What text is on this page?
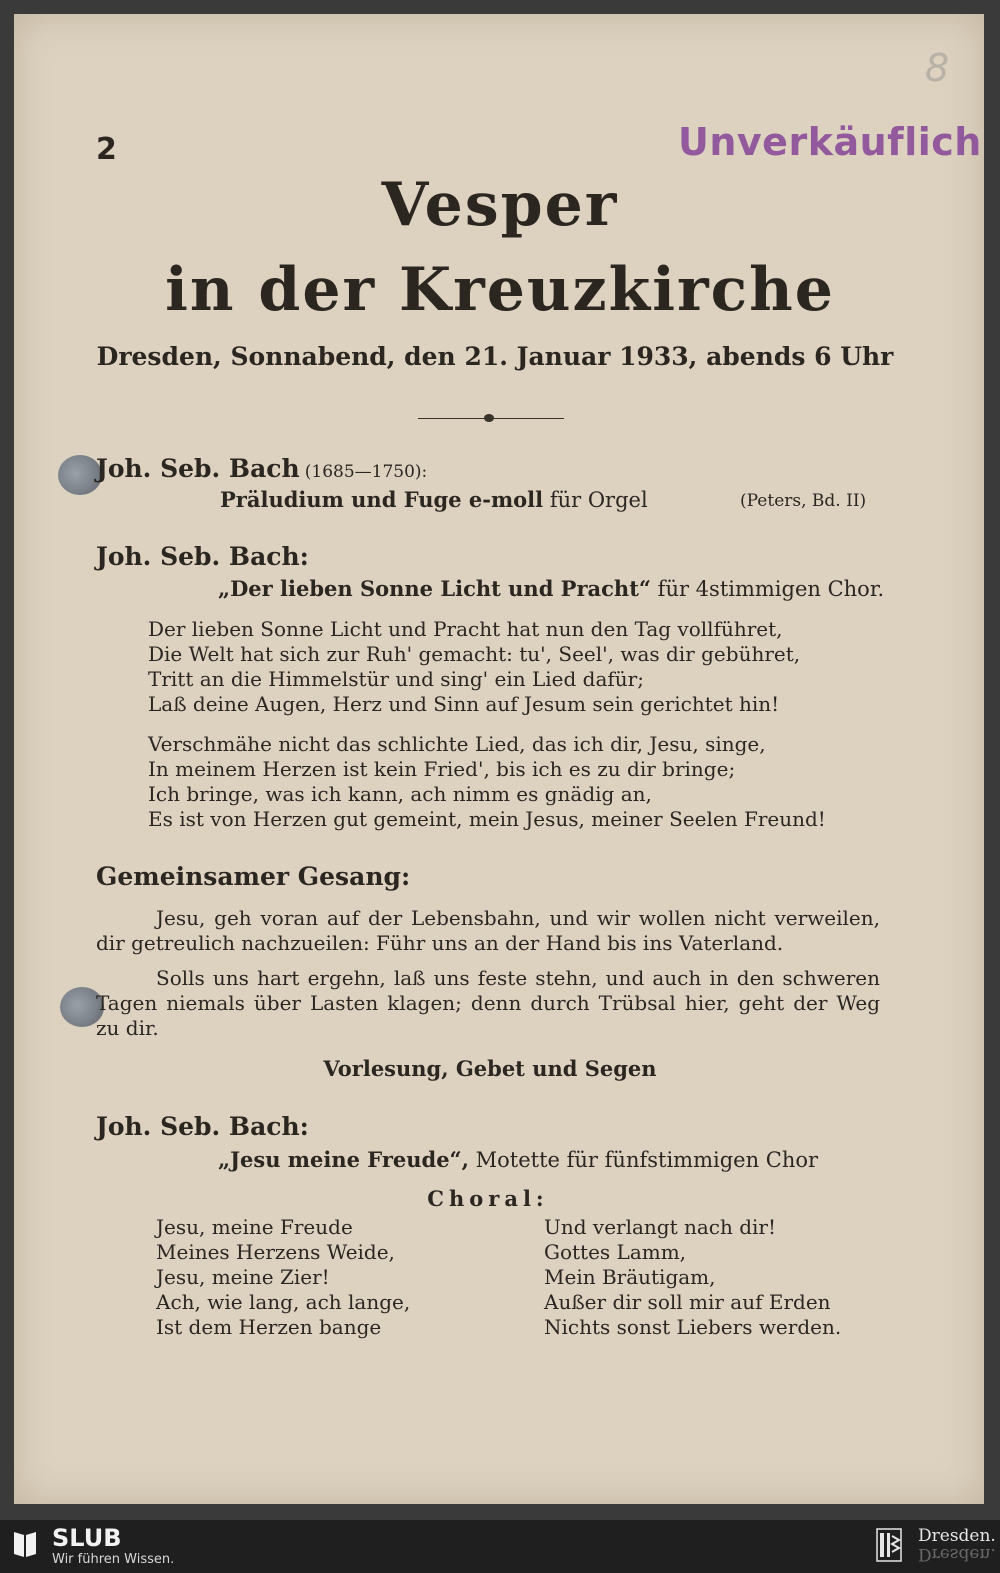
8
2	Unverkäuflich
Vesper
in der Kreuzkirche
Dresden, Sonnabend, den 21. Januar 1933, abends 6 Uhr
Joh. Seb. Bach (1685—1750):
Präludium und Fuge e-moll für Orgel	(Peters, Bd. II)
Joh. Seb. Bach:
„Der lieben Sonne Licht und Pracht“ für 4stimmigen Chor.
Der lieben Sonne Licht und Pracht hat nun den Tag vollführet,
Die Welt hat sich zur Ruh' gemacht: tu', Seel', was dir gebühret,
Tritt an die Himmelstür und sing' ein Lied dafür;
Laß deine Augen, Herz und Sinn auf Jesum sein gerichtet hin!
Verschmähe nicht das schlichte Lied, das ich dir, Jesu, singe,
In meinem Herzen ist kein Fried', bis ich es zu dir bringe;
Ich bringe, was ich kann, ach nimm es gnädig an,
Es ist von Herzen gut gemeint, mein Jesus, meiner Seelen Freund!
Gemeinsamer Gesang:
Jesu, geh voran auf der Lebensbahn, und wir wollen nicht verweilen, dir getreulich nachzueilen: Führ uns an der Hand bis ins Vaterland.
Solls uns hart ergehn, laß uns feste stehn, und auch in den schweren Tagen niemals über Lasten klagen; denn durch Trübsal hier, geht der Weg zu dir.
Vorlesung, Gebet und Segen
Joh. Seb. Bach:
„Jesu meine Freude“, Motette für fünfstimmigen Chor
Choral:
Jesu, meine Freude
Meines Herzens Weide,
Jesu, meine Zier!
Ach, wie lang, ach lange,
Ist dem Herzen bange
Und verlangt nach dir!
Gottes Lamm,
Mein Bräutigam,
Außer dir soll mir auf Erden
Nichts sonst Liebers werden.
SLUB
Wir führen Wissen.
Dresden.
Dresden.
